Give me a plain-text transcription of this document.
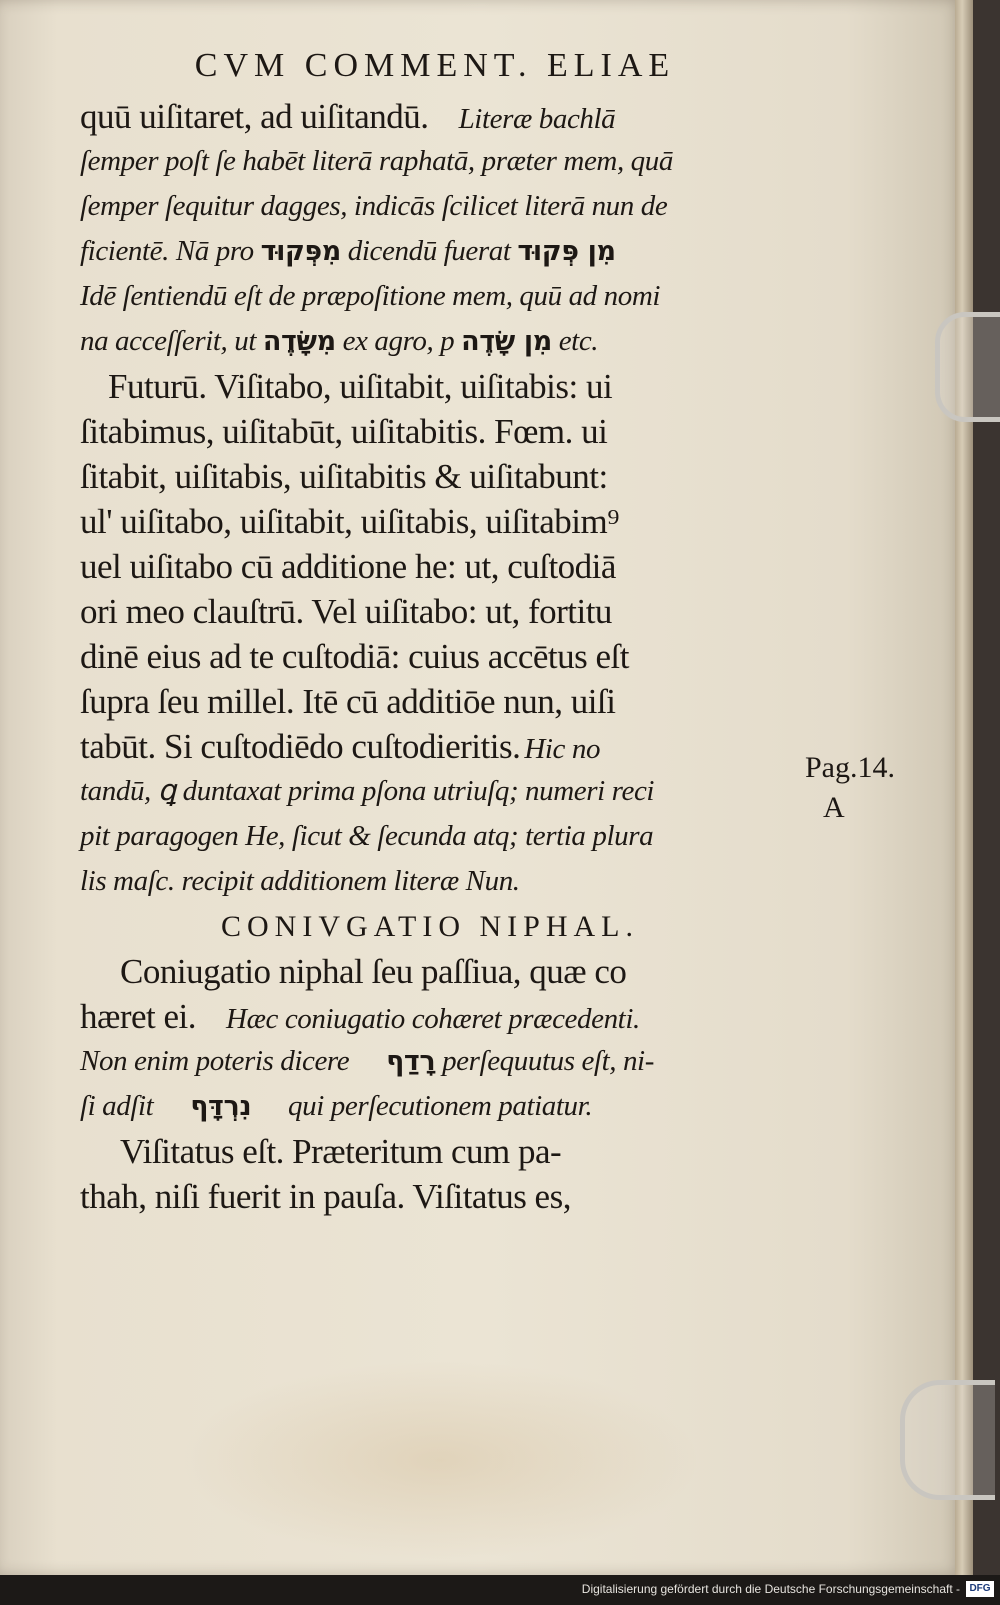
CVM COMMENT. ELIAE
quū uiſitaret, ad uiſitandū. Literæ bachlā
ſemper poſt ſe habēt literā raphatā, præter mem, quā
ſemper ſequitur dagges, indicās ſcilicet literā nun de
ficientē. Nā pro מִפְּקוּד dicendū fuerat מִן פְּקוּד
Idē ſentiendū eſt de præpoſitione mem, quū ad nomi
na acceſſerit, ut מִשָּׂדֶה ex agro, p מִן שָׂדֶה etc.
Futurū. Viſitabo, uiſitabit, uiſitabis: ui
ſitabimus, uiſitabūt, uiſitabitis. Fœm. ui
ſitabit, uiſitabis, uiſitabitis & uiſitabunt:
ul' uiſitabo, uiſitabit, uiſitabis, uiſitabim⁹
uel uiſitabo cū additione he: ut, cuſtodiā
ori meo clauſtrū. Vel uiſitabo: ut, fortitu
dinē eius ad te cuſtodiā: cuius accētus eſt
ſupra ſeu millel. Itē cū additiōe nun, uiſi
tabūt. Si cuſtodiēdo cuſtodieritis. Hic no
tandū, ꝗ duntaxat prima pſona utriuſq; numeri reci
pit paragogen He, ſicut & ſecunda atq; tertia plura
lis maſc. recipit additionem literæ Nun.
CONIVGATIO NIPHAL.
Coniugatio niphal ſeu paſſiua, quæ co
hæret ei. Hæc coniugatio cohæret præcedenti.
Non enim poteris dicere רָדַף perſequutus eſt, ni-
ſi adſit נִרְדָּף qui perſecutionem patiatur.
Viſitatus eſt. Præteritum cum pa-
thah, niſi fuerit in pauſa. Viſitatus es,
Pag.14.
A
Digitalisierung gefördert durch die Deutsche Forschungsgemeinschaft - DFG
